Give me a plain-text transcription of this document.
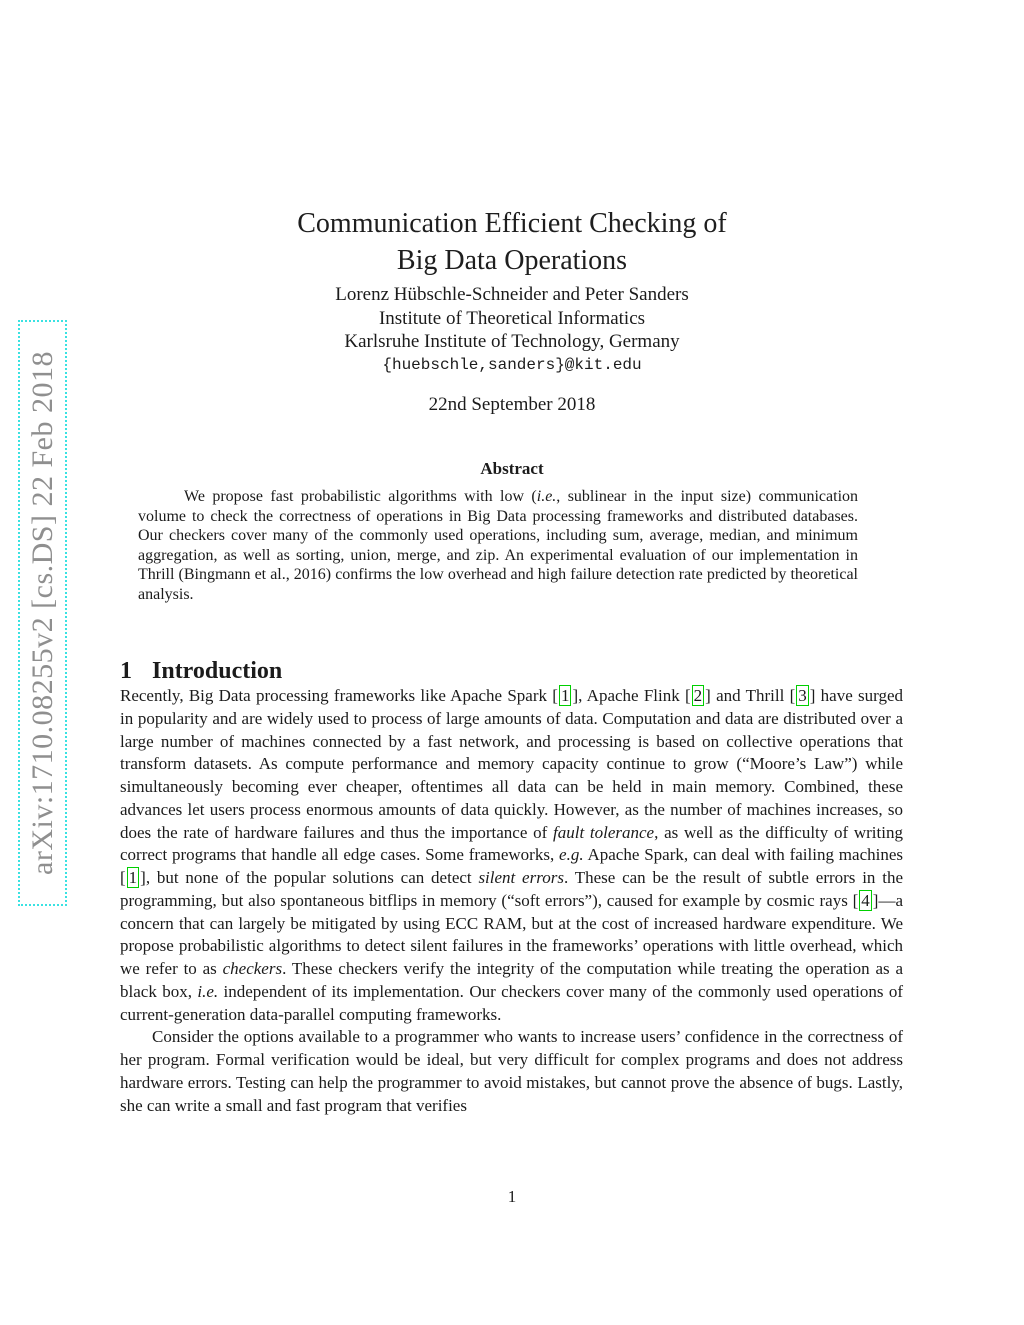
arXiv:1710.08255v2 [cs.DS] 22 Feb 2018
Communication Efficient Checking of
Big Data Operations
Lorenz Hübschle-Schneider and Peter Sanders
Institute of Theoretical Informatics
Karlsruhe Institute of Technology, Germany
{huebschle,sanders}@kit.edu
22nd September 2018
Abstract

We propose fast probabilistic algorithms with low (i.e., sublinear in the input size) communication volume to check the correctness of operations in Big Data processing frameworks and distributed databases. Our checkers cover many of the commonly used operations, including sum, average, median, and minimum aggregation, as well as sorting, union, merge, and zip. An experimental evaluation of our implementation in Thrill (Bingmann et al., 2016) confirms the low overhead and high failure detection rate predicted by theoretical analysis.

1 Introduction

Recently, Big Data processing frameworks like Apache Spark [ 1 ], Apache Flink [ 2 ] and Thrill [ 3 ] have surged in popularity and are widely used to process of large amounts of data. Computation and data are distributed over a large number of machines connected by a fast network, and processing is based on collective operations that transform datasets. As compute performance and memory capacity continue to grow (“Moore’s Law”) while simultaneously becoming ever cheaper, oftentimes all data can be held in main memory. Combined, these advances let users process enormous amounts of data quickly. However, as the number of machines increases, so does the rate of hardware failures and thus the importance of fault tolerance, as well as the difficulty of writing correct programs that handle all edge cases. Some frameworks, e.g. Apache Spark, can deal with failing machines [ 1 ], but none of the popular solutions can detect silent errors. These can be the result of subtle errors in the programming, but also spontaneous bitflips in memory (“soft errors”), caused for example by cosmic rays [ 4 ]—a concern that can largely be mitigated by using ECC RAM, but at the cost of increased hardware expenditure. We propose probabilistic algorithms to detect silent failures in the frameworks’ operations with little overhead, which we refer to as checkers. These checkers verify the integrity of the computation while treating the operation as a black box, i.e. independent of its implementation. Our checkers cover many of the commonly used operations of current-generation data-parallel computing frameworks.

Consider the options available to a programmer who wants to increase users’ confidence in the correctness of her program. Formal verification would be ideal, but very difficult for complex programs and does not address hardware errors. Testing can help the programmer to avoid mistakes, but cannot prove the absence of bugs. Lastly, she can write a small and fast program that verifies

1
